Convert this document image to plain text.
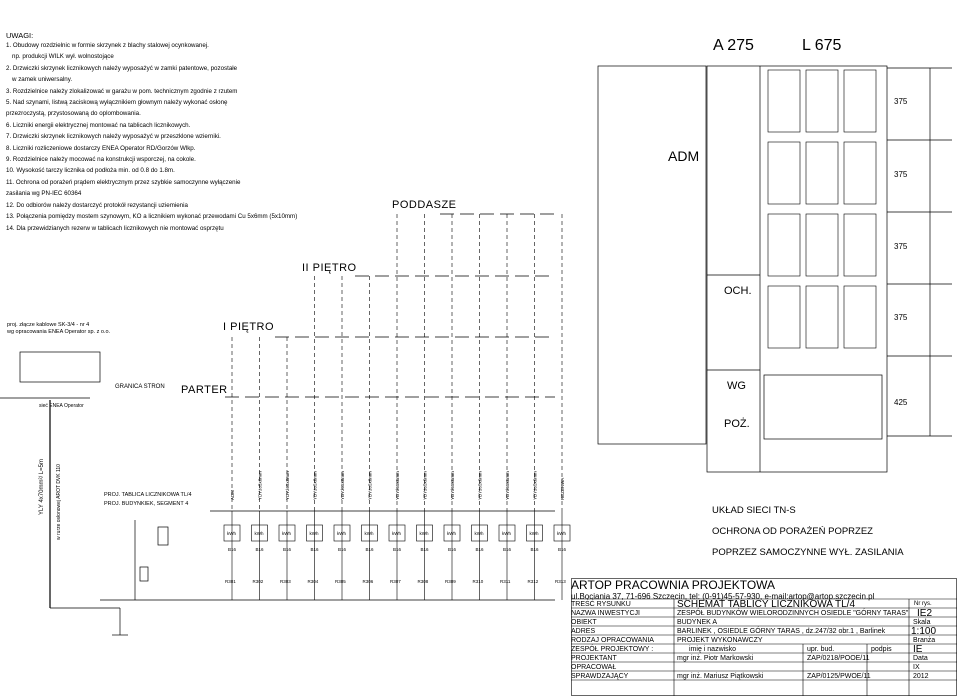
UWAGI:
1. Obudowy rozdzielnic w formie skrzynek z blachy stalowej ocynkowanej.
np. produkcji WILK wył. wolnostojące
2. Drzwiczki skrzynek licznikowych należy wyposażyć w zamki patentowe, pozostałe
w zamek uniwersalny.
3. Rozdzielnice należy zlokalizować w garażu w pom. technicznym zgodnie z rzutem
5. Nad szynami, listwą zaciskową wyłącznikiem głownym należy wykonać osłonę
przezroczystą, przystosowaną do oplombowania.
6. Liczniki energii elektrycznej montować na tablicach licznikowych.
7. Drzwiczki skrzynek licznikowych należy wyposażyć w przeszklone wzierniki.
8. Liczniki rozliczeniowe dostarczy ENEA Operator RD/Gorzów Wlkp.
9. Rozdzielnice należy mocować na konstrukcji wsporczej, na cokole.
10. Wysokość tarczy licznika od podłoża min. od 0.8 do 1.8m.
11. Ochrona od porażeń prądem elektrycznym przez szybkie samoczynne wyłączenie
zasilania wg PN-IEC 60364
12. Do odbiorów należy dostarczyć protokół rezystancji uziemienia
13. Połączenia pomiędzy mostem szynowym, KO a licznikiem wykonać przewodami Cu 5x6mm (5x10mm)
14. Dla przewidzianych rezerw w tablicach licznikowych nie montować osprzętu
PODDASZE
II PIĘTRO
I PIĘTRO
PARTER
proj. złącze kablowe SK-3/4 - nr 4
wg opracowania ENEA Operator sp. z o.o.
GRANICA STRON
sieć ENEA Operator
YLY 4x70mm²/ L=5m w rurze osłonowej AROT DVK 110	PROJ. TABLICA LICZNIKOWA TL/4
PROJ. BUDYNKIEK, SEGMENT 4
kWh
B16
kWh
B16
kWh
B16
kWh
B16
kWh
B16
kWh
B16
kWh
B16
kWh
B16
kWh
B16
kWh
B16
kWh
B16
kWh
B16
kWh
B16
R301
ADM
R302
YDYżo5x6mm
R303
YDYżo5x6mm
R304
YDYżo5x6mm
R305
YDYżo5x6mm
R306
YDYżo5x6mm
R307
YDYżo5x6mm
R308
YDYżo5x6mm
R309
YDYżo5x6mm
R310
YDYżo5x6mm
R311
YDYżo5x6mm
R312
YDYżo5x6mm
R313
REZERWA
A 275	L 675
ADM
OCH.
WG
POŻ.
375
375
375
375
425
UKŁAD SIECI TN-S
OCHRONA OD PORAŻEŃ POPRZEZ
POPRZEZ SAMOCZYNNE WYŁ. ZASILANIA
ARTOP PRACOWNIA PROJEKTOWA
ul.Bociania 37, 71-696 Szczecin, tel: (0-91)45-57-930, e-mail:artop@artop.szczecin.pl
TREŚĆ RYSUNKU	SCHEMAT TABLICY LICZNIKOWA TL/4	Nr rys.
NAZWA INWESTYCJI	ZESPÓŁ BUDYNKÓW WIELORODZINNYCH OSIEDLE "GÓRNY TARAS" IE2
OBIEKT	BUDYNEK A	Skala
ADRES	BARLINEK , OSIEDLE GÓRNY TARAS , dz.247/32 obr.1 , Barlinek	1:100
RODZAJ OPRACOWANIA	PROJEKT WYKONAWCZY	Branża
ZESPÓŁ PROJEKTOWY :	imię i nazwisko	upr. bud.	podpis IE
PROJEKTANT	mgr inż. Piotr Markowski	ZAP/0218/POOE/11	Data
OPRACOWAŁ	IX
SPRAWDZAJĄCY	mgr inż. Mariusz Piątkowski	ZAP/0125/PWOE/11	2012
